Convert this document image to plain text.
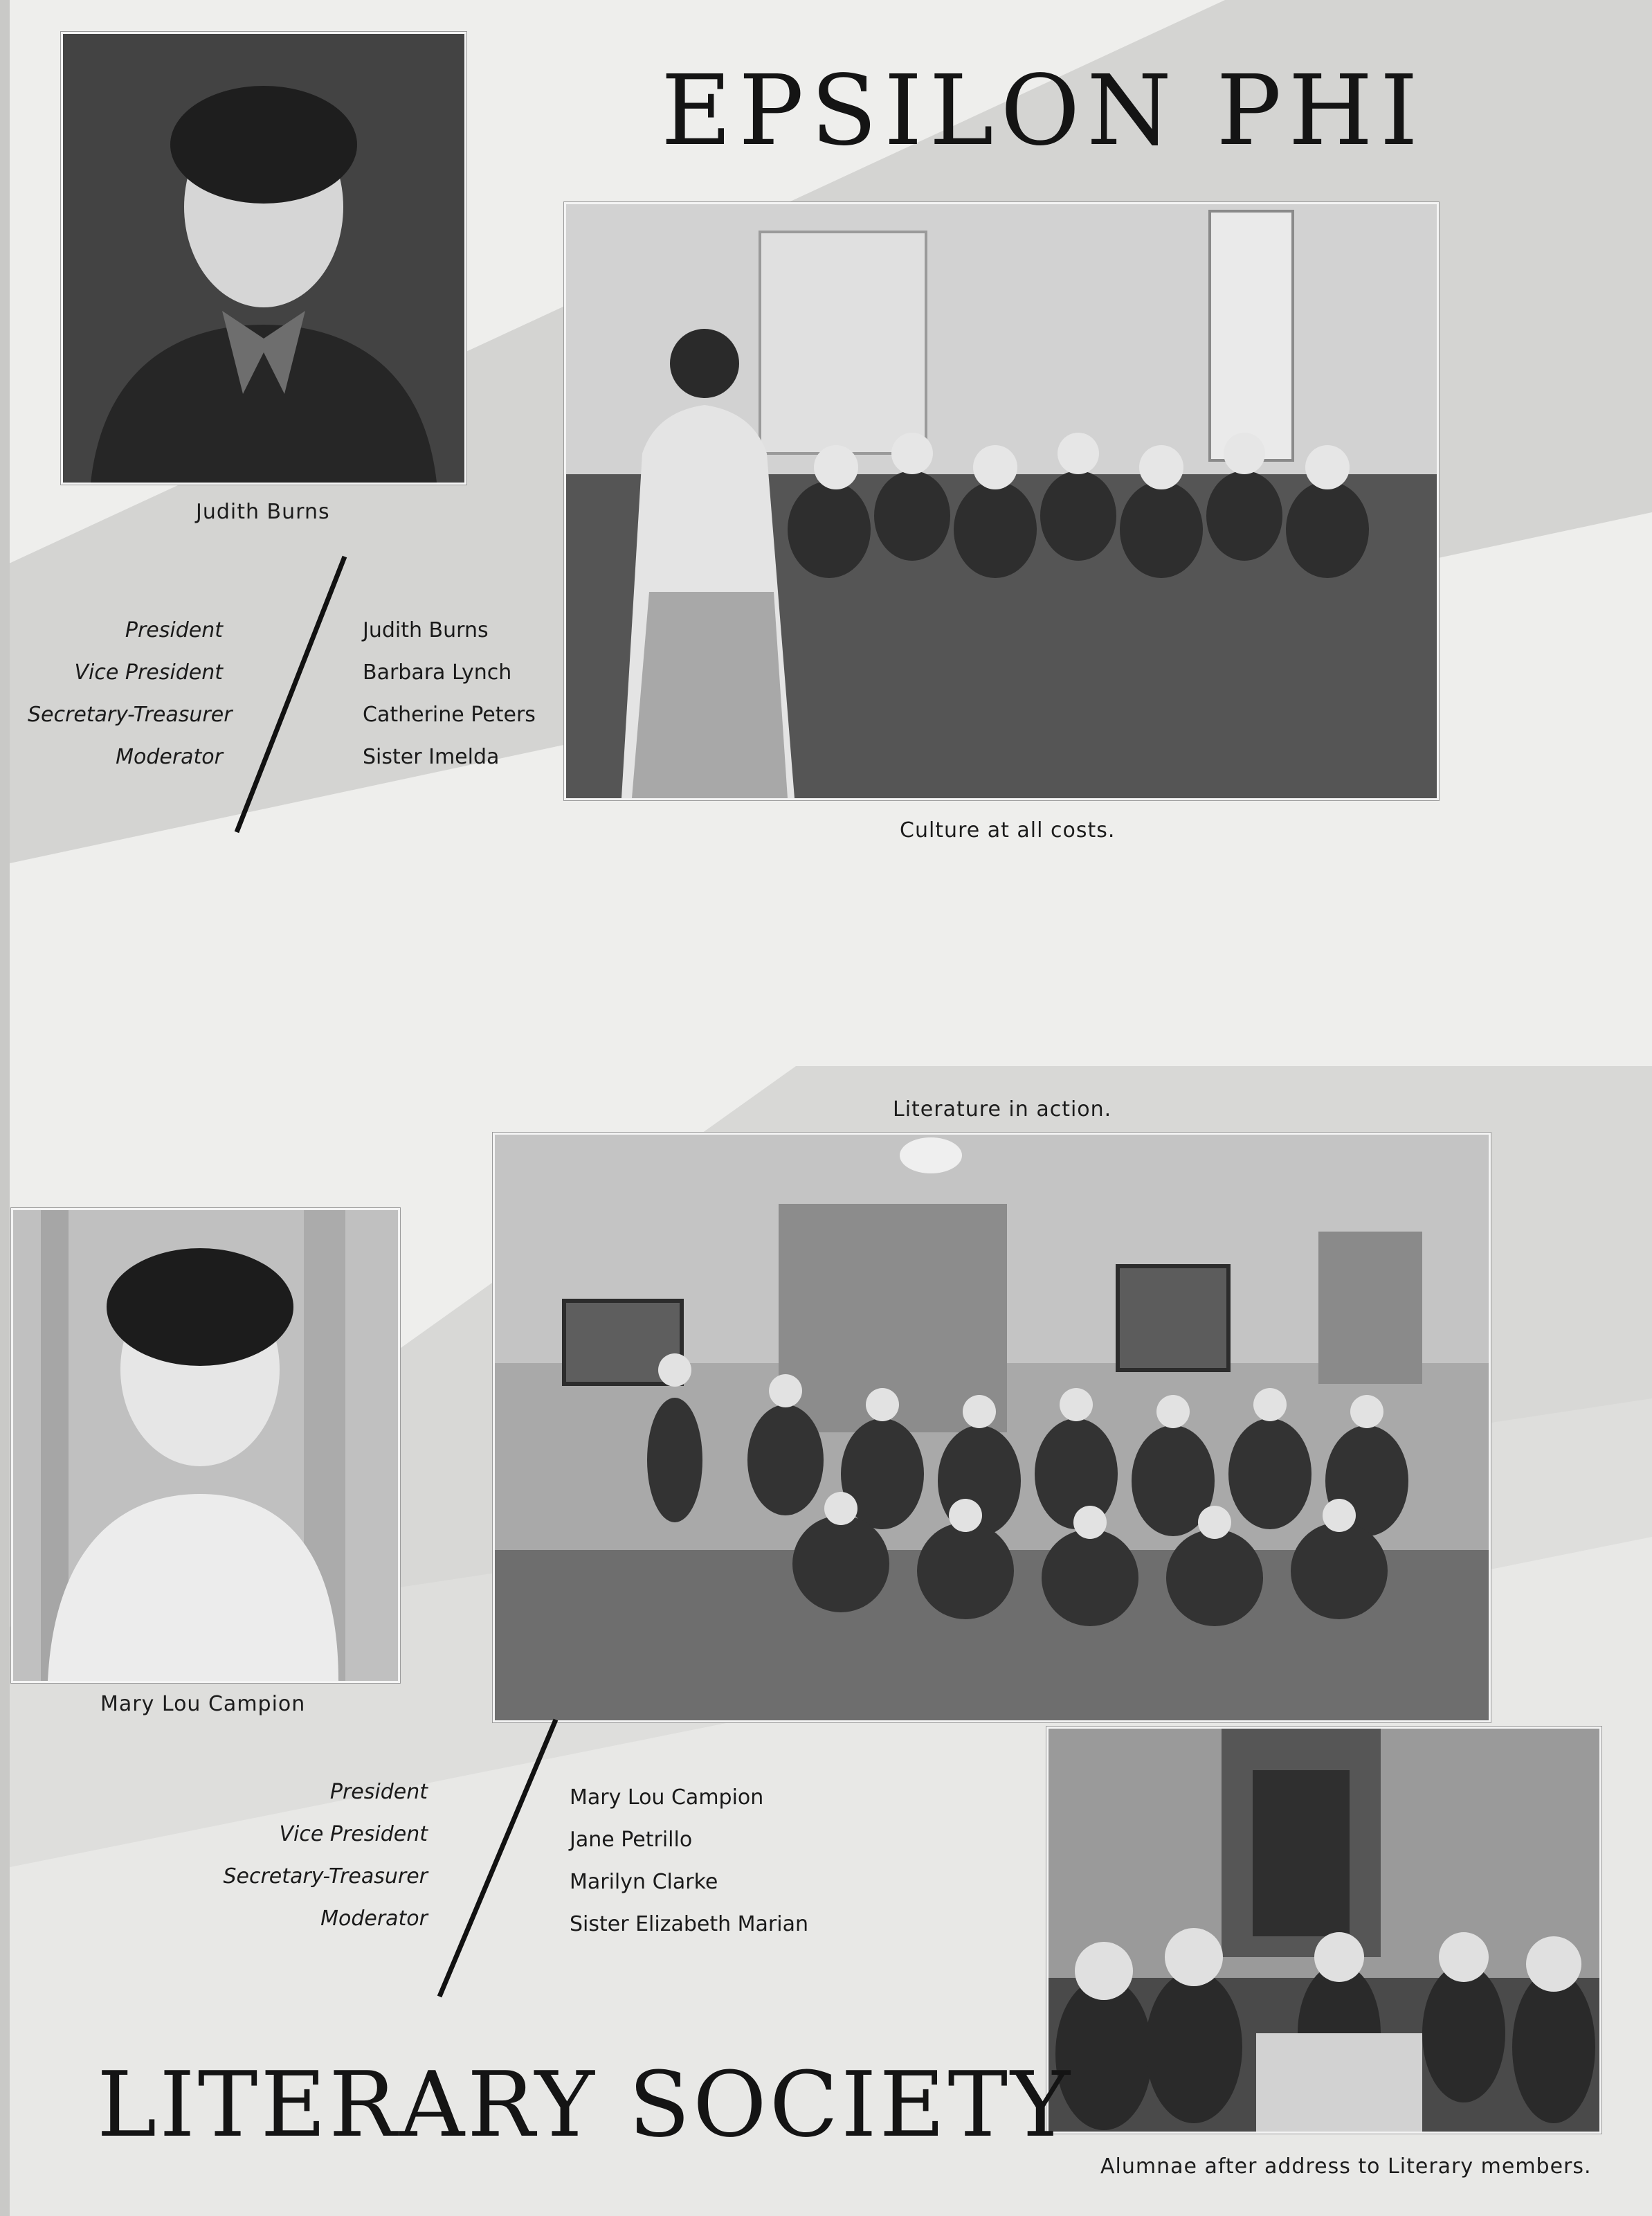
EPSILON PHI
Judith Burns
President
Vice President
Secretary-Treasurer
Moderator
Judith Burns
Barbara Lynch
Catherine Peters
Sister Imelda
Culture at all costs.
Literature in action.
Mary Lou Campion
President
Vice President
Secretary-Treasurer
Moderator
Mary Lou Campion
Jane Petrillo
Marilyn Clarke
Sister Elizabeth Marian
Alumnae after address to Literary members.
LITERARY SOCIETY
